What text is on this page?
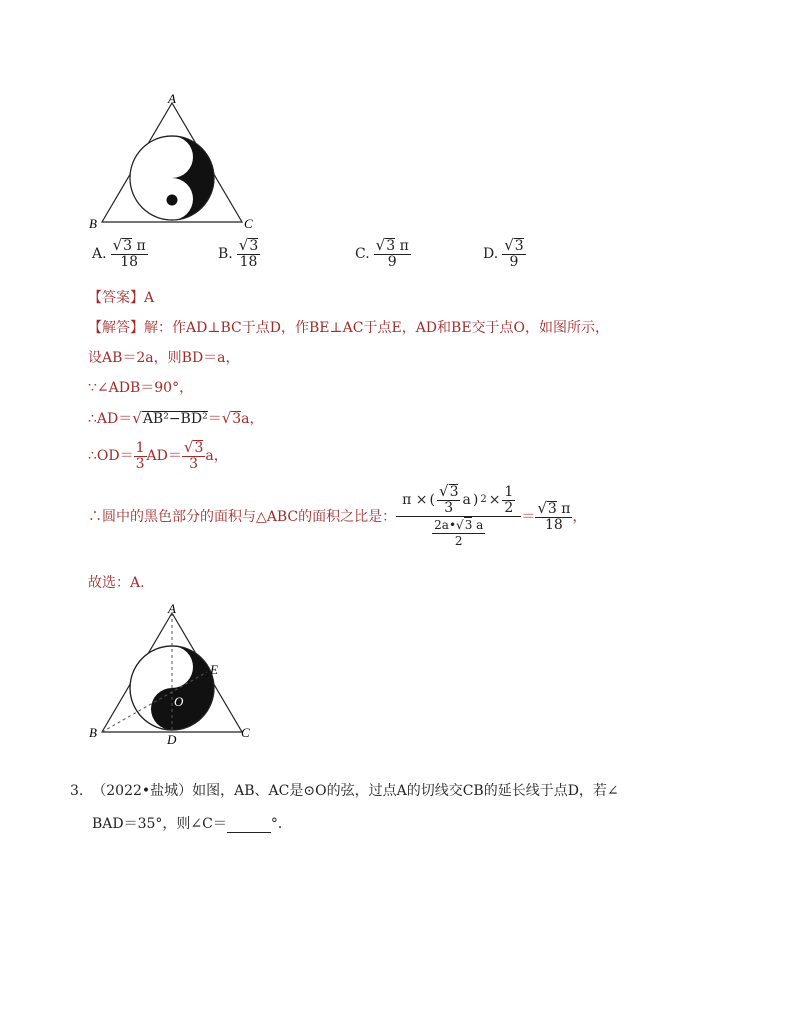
A
B	C
A. $\frac{√3 \pi}{18}$	B. $\frac{√3}{18}$	C. $\frac{√3 \pi}{9}$	D. $\frac{√3}{9}$
【答案】A
【解答】解：作AD⊥BC于点D，作BE⊥AC于点E，AD和BE交于点O，如图所示，
设AB＝2a，则BD＝a，
∵∠ADB＝90°，
∴AD＝√AB²−BD²＝√3a，
∴OD＝ $\frac{1}{3} AD= \frac{√3}{3}$ a，
∴圆中的黑色部分的面积与△ABC的面积之比是： $\frac{\pi \times ( \frac{√3}{3} a ) 2 \times \frac{1}{2}}{\frac{2a•√3 a}{2}} = \frac{√3 \pi}{18}$ ，
故选：A.
A
B	C
D
E
O
3. （2022•盐城）如图，AB、AC是⊙O的弦，过点A的切线交CB的延长线于点D，若∠
BAD＝35°，则∠C＝	°．
